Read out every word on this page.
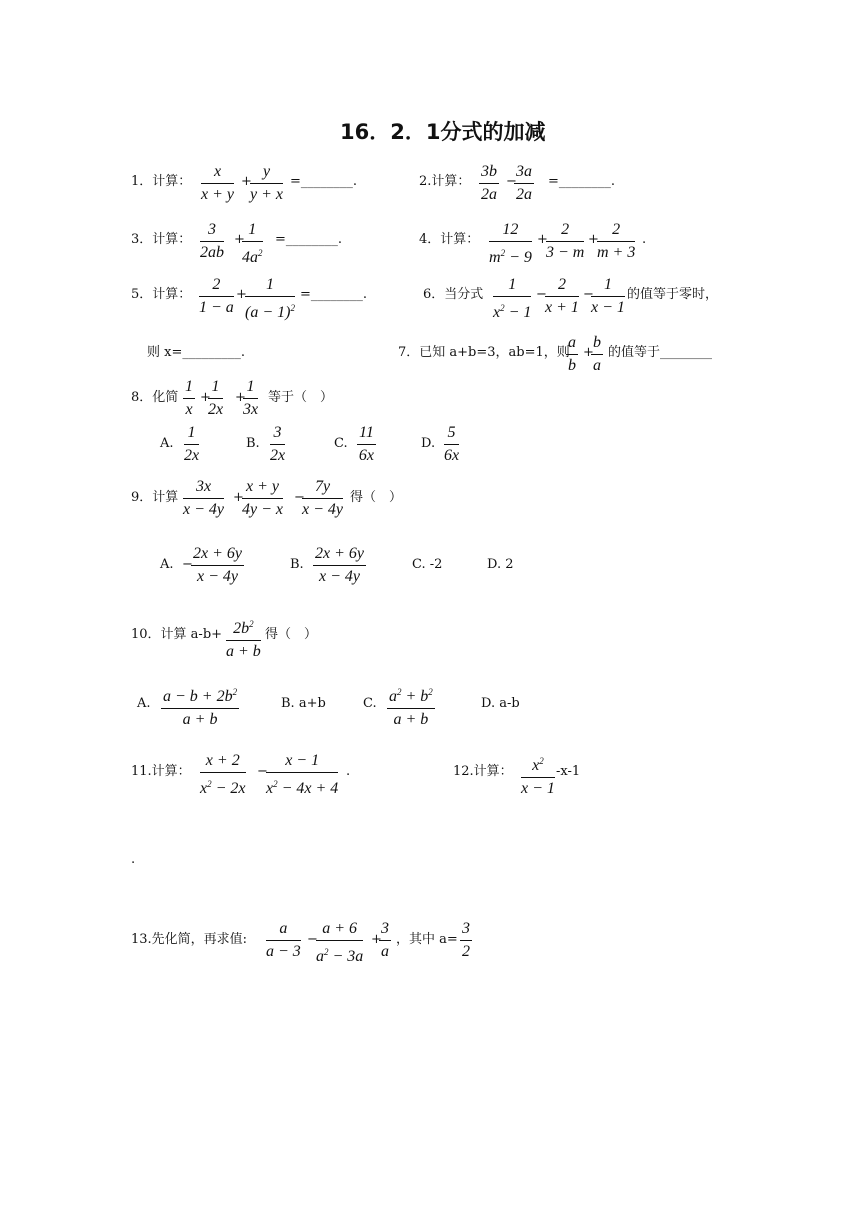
16．2．1分式的加减
1．计算： $\frac{x}{x + y}$ +
$\frac{y}{y + x}$ =________.	2.计算： $\frac{3b}{2a}$ −
$\frac{3a}{2a}$ =________.
3．计算： $\frac{3}{2ab}$ +
$\frac{1}{4a^2}$ =________.	4．计算： $\frac{12}{m^2 - 9}$ +
$\frac{2}{3 - m}$ +
$\frac{2}{m + 3}$ .
5．计算： $\frac{2}{1 - a}$ +
$\frac{1}{(a - 1)^2}$ =________.	6．当分式 $\frac{1}{x^2 - 1}$ −
$\frac{2}{x + 1}$ −
$\frac{1}{x - 1}$ 的值等于零时，
则 x=_________.	7．已知 a+b=3，ab=1，则
$\frac{a}{b}$ +
$\frac{b}{a}$ 的值等于________
8．化简 $\frac{1}{x}$ +
$\frac{1}{2x}$ +
$\frac{1}{3x}$ 等于（　）
A. $\frac{1}{2x}$	B. $\frac{3}{2x}$	C. $\frac{11}{6x}$	D. $\frac{5}{6x}$
9．计算 $\frac{3x}{x - 4y}$ +
$\frac{x + y}{4y - x}$ −
$\frac{7y}{x - 4y}$ 得（　）
A. −
$\frac{2x + 6y}{x - 4y}$	B. $\frac{2x + 6y}{x - 4y}$	C. -2	D. 2
10．计算 $a-b+ \frac{2b^2}{a + b}$ 得（　）
A. $\frac{a - b + 2b^2}{a + b}$	B. a+b	C. $\frac{a^2 + b^2}{a + b}$	D. a-b
11.计算： $\frac{x + 2}{x^2 - 2x}$ −
$\frac{x - 1}{x^2 - 4x + 4}$ .	12.计算： $\frac{x^2}{x - 1} -x-1$
.
13.先化简，再求值: $\frac{a}{a - 3}$ −
$\frac{a + 6}{a^2 - 3a}$ +
$\frac{3}{a}$ ，其中 $a= \frac{3}{2}$
